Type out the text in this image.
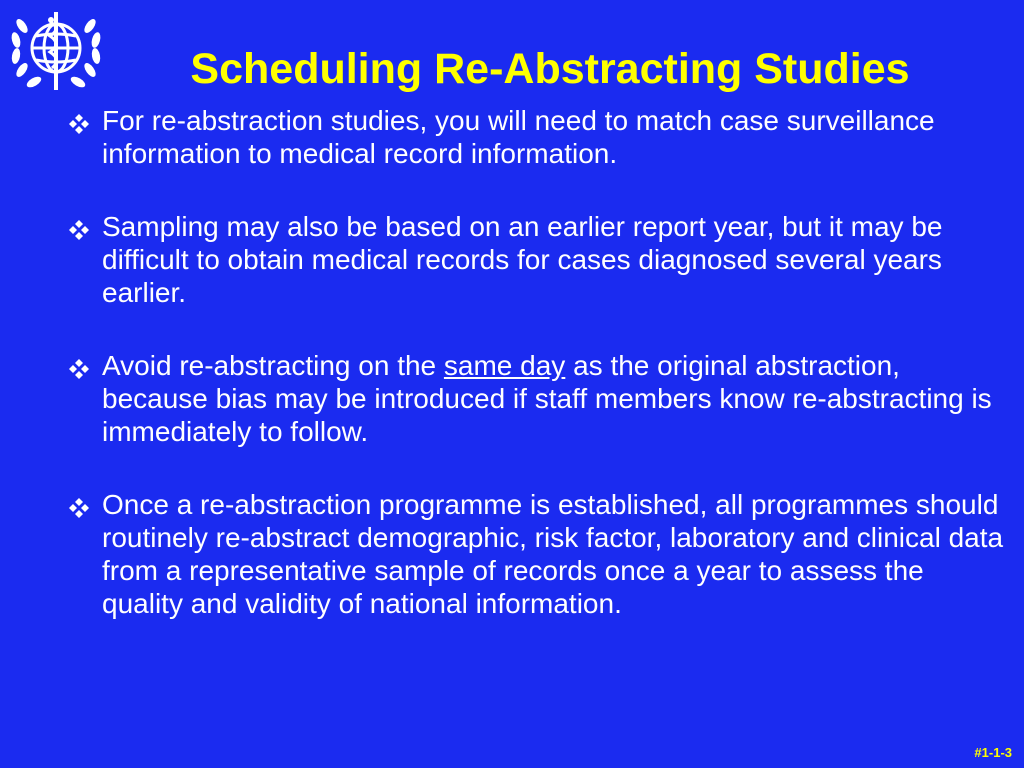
Scheduling Re-Abstracting Studies
For re-abstraction studies, you will need to match case surveillance information to medical record information.
Sampling may also be based on an earlier report year, but it may be difficult to obtain medical records for cases diagnosed several years earlier.
Avoid re-abstracting on the same day as the original abstraction, because bias may be introduced if staff members know re-abstracting is immediately to follow.
Once a re-abstraction programme is established, all programmes should routinely re-abstract demographic, risk factor, laboratory and clinical data from a representative sample of records once a year to assess the quality and validity of national information.
#1-1-3
